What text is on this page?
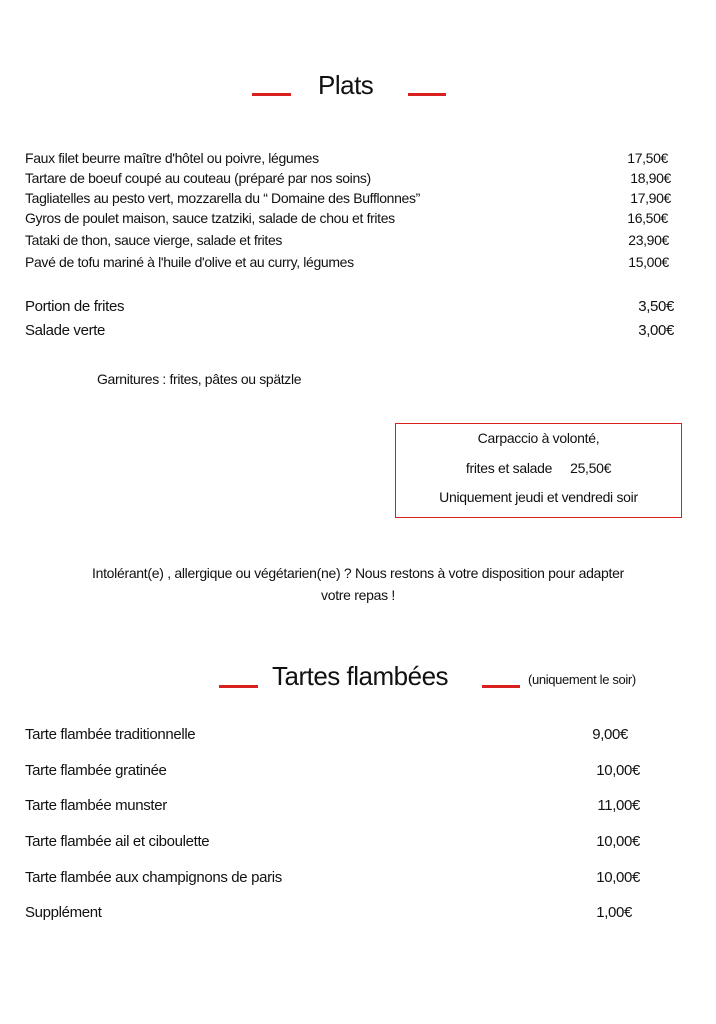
Plats
Faux filet beurre maître d'hôtel ou poivre, légumes	17,50€
Tartare de boeuf coupé au couteau (préparé par nos soins)	18,90€
Tagliatelles au pesto vert, mozzarella du “ Domaine des Bufflonnes”	17,90€
Gyros de poulet maison, sauce tzatziki, salade de chou et frites	16,50€
Tataki de thon, sauce vierge, salade et frites	23,90€
Pavé de tofu mariné à l'huile d'olive et au curry, légumes	15,00€
Portion de frites	3,50€
Salade verte	3,00€
Garnitures : frites, pâtes ou spätzle
Carpaccio à volonté,
frites et salade     25,50€
Uniquement jeudi et vendredi soir
Intolérant(e) , allergique ou végétarien(ne) ? Nous restons à votre disposition pour adapter
votre repas !
Tartes flambées	(uniquement le soir)
Tarte flambée traditionnelle	9,00€
Tarte flambée gratinée	10,00€
Tarte flambée munster	11,00€
Tarte flambée ail et ciboulette	10,00€
Tarte flambée aux champignons de paris	10,00€
Supplément	1,00€
